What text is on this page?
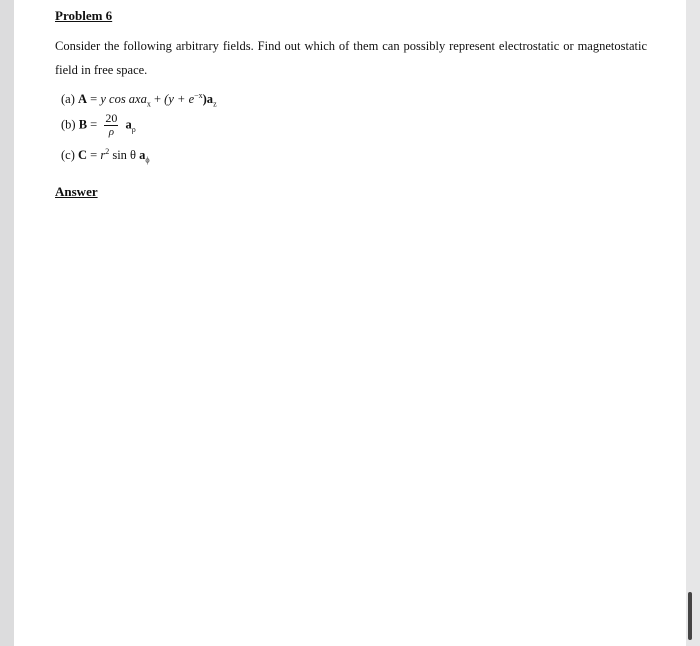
Problem 6
Consider the following arbitrary fields. Find out which of them can possibly represent electrostatic or magnetostatic field in free space.
(a) A = y $\cos axa_x + (y + e^{-x})a_z$
(b) $B = \frac{20}{\rho} a_\rho$
(c) $C = r^2$ sin θ $a_\phi$
Answer
